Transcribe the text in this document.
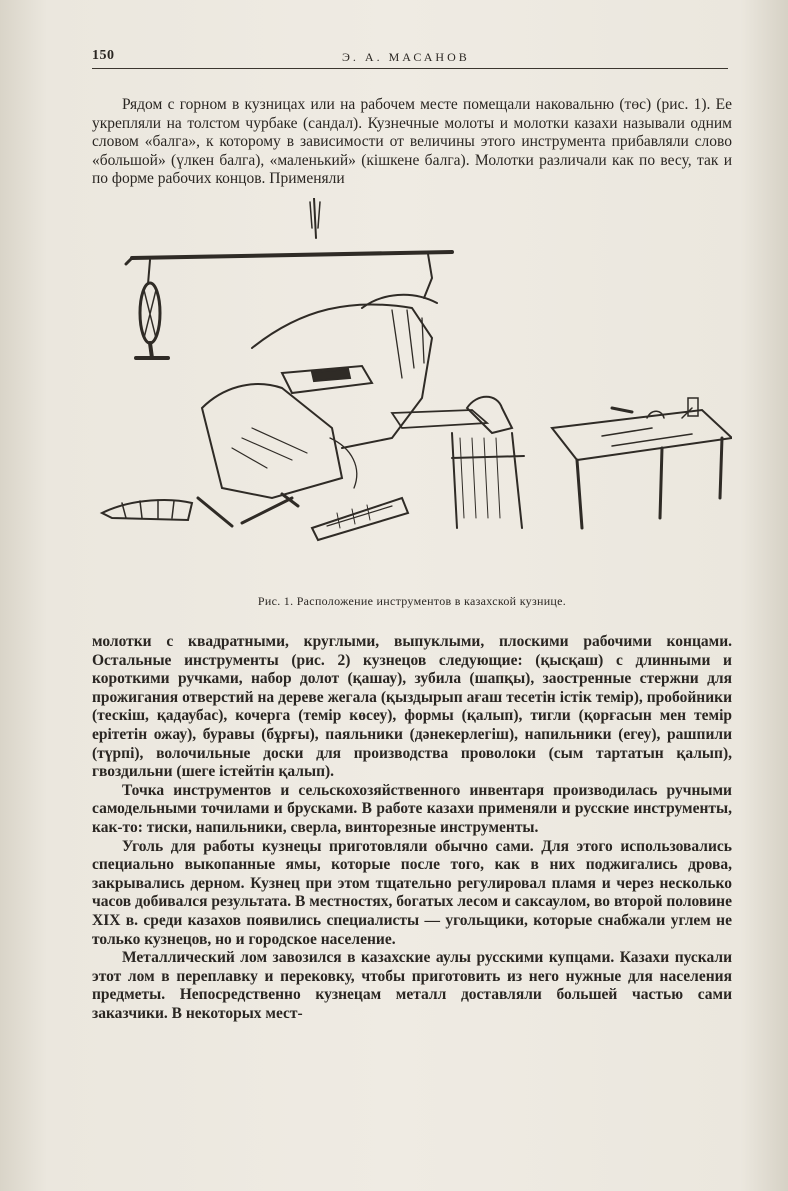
150	Э. А. МАСАНОВ

Рядом с горном в кузницах или на рабочем месте помещали наковальню (төс) (рис. 1). Ее укрепляли на толстом чурбаке (сандал). Кузнечные молоты и молотки казахи называли одним словом «балга», к которому в зависимости от величины этого инструмента прибавляли слово «большой» (үлкен балга), «маленький» (кішкене балга). Молотки различали как по весу, так и по форме рабочих концов. Применяли

Рис. 1. Расположение инструментов в казахской кузнице.

молотки с квадратными, круглыми, выпуклыми, плоскими рабочими концами. Остальные инструменты (рис. 2) кузнецов следующие: (қысқаш) с длинными и короткими ручками, набор долот (қашау), зубила (шапқы), заостренные стержни для прожигания отверстий на дереве жегала (қыздырып ағаш тесетін істік темір), пробойники (тескіш, қадаубас), кочерга (темір көсеу), формы (қалып), тигли (қорғасын мен темір ерітетін ожау), буравы (бұрғы), паяльники (дәнекерлегіш), напильники (егеу), рашпили (түрпі), волочильные доски для производства проволоки (сым тартатын қалып), гвоздильни (шеге істейтін қалып).

Точка инструментов и сельскохозяйственного инвентаря производилась ручными самодельными точилами и брусками. В работе казахи применяли и русские инструменты, как-то: тиски, напильники, сверла, винторезные инструменты.

Уголь для работы кузнецы приготовляли обычно сами. Для этого использовались специально выкопанные ямы, которые после того, как в них поджигались дрова, закрывались дерном. Кузнец при этом тщательно регулировал пламя и через несколько часов добивался результата. В местностях, богатых лесом и саксаулом, во второй половине XIX в. среди казахов появились специалисты — угольщики, которые снабжали углем не только кузнецов, но и городское население.

Металлический лом завозился в казахские аулы русскими купцами. Казахи пускали этот лом в переплавку и перековку, чтобы приготовить из него нужные для населения предметы. Непосредственно кузнецам металл доставляли большей частью сами заказчики. В некоторых мест-
